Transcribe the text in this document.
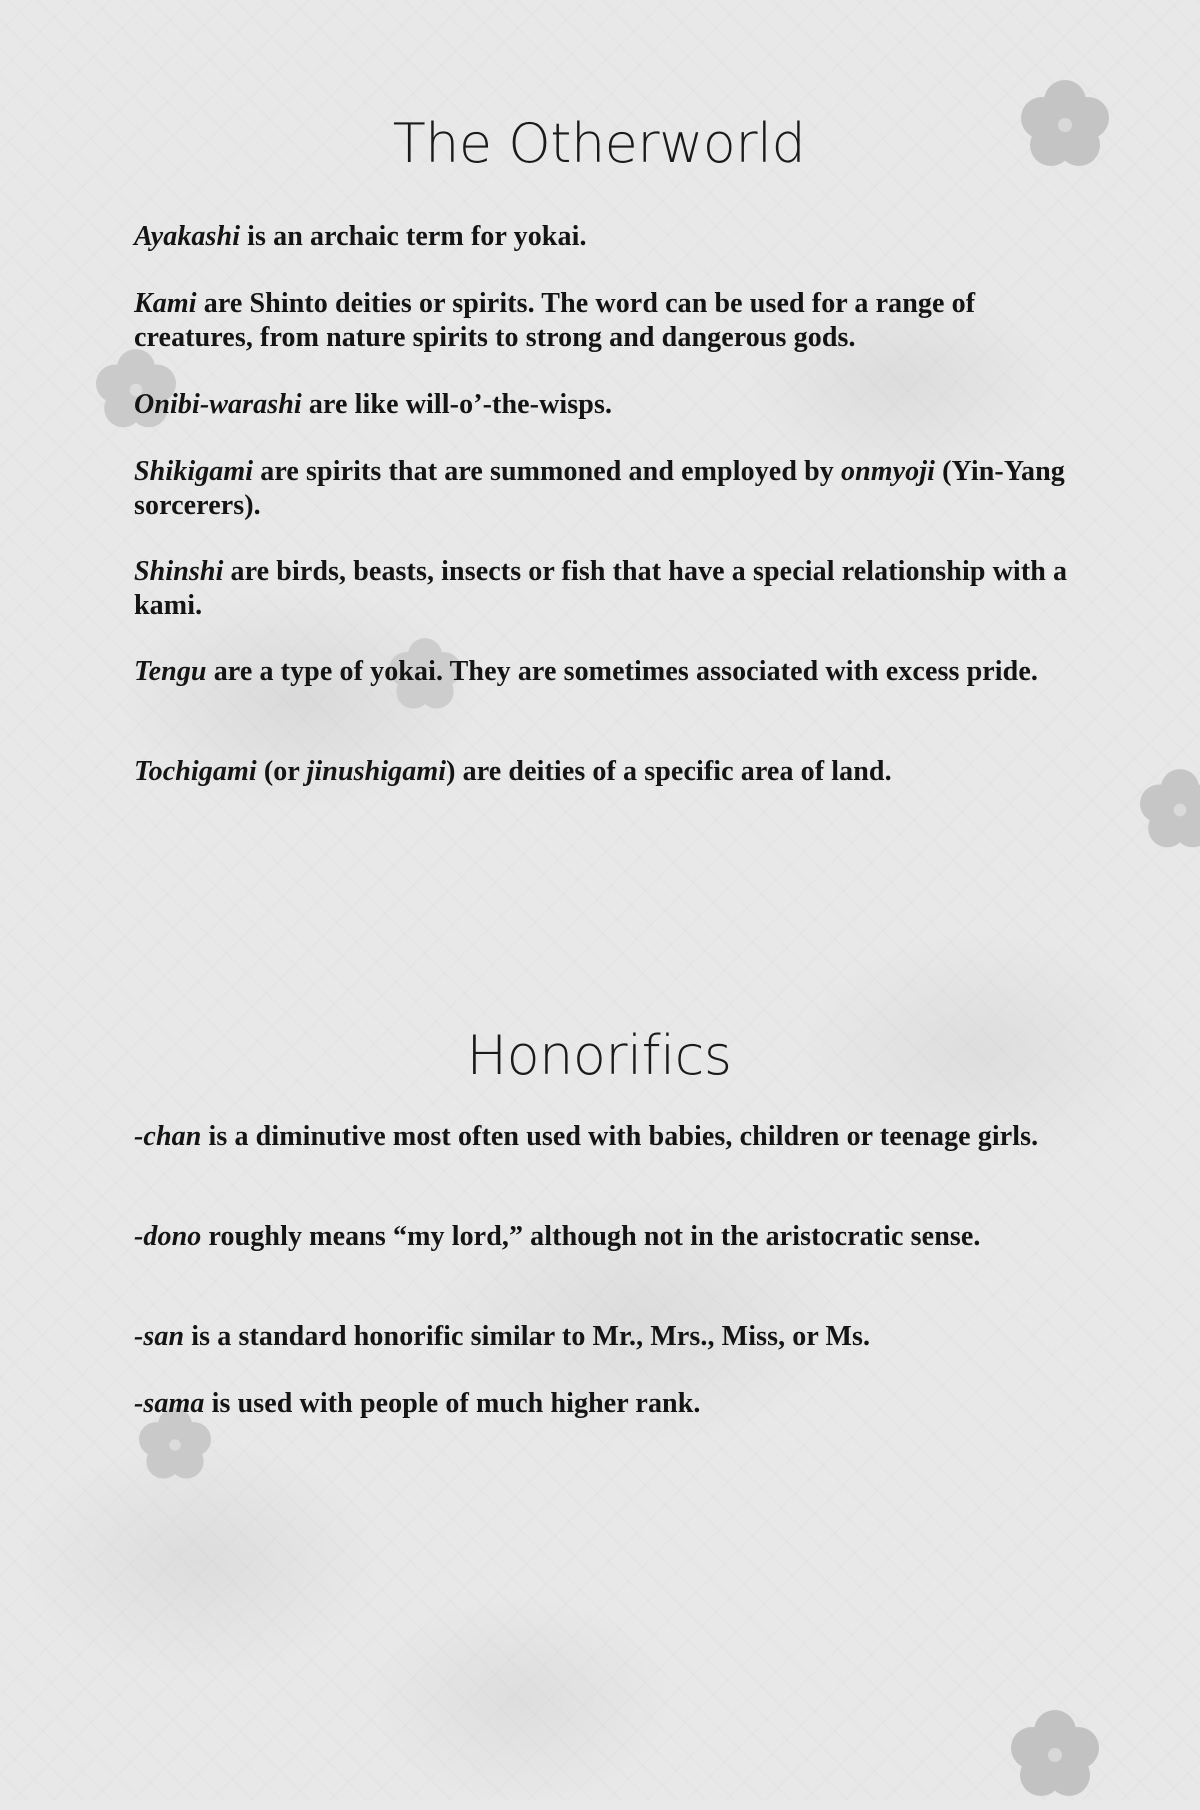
The Otherworld

Ayakashi is an archaic term for yokai.

Kami are Shinto deities or spirits. The word can be used for a range of creatures, from nature spirits to strong and dangerous gods.

Onibi-warashi are like will-o’-the-wisps.

Shikigami are spirits that are summoned and employed by onmyoji (Yin-Yang sorcerers).

Shinshi are birds, beasts, insects or fish that have a special relationship with a kami.

Tengu are a type of yokai. They are sometimes associated with excess pride.

Tochigami (or jinushigami) are deities of a specific area of land.

Honorifics

-chan is a diminutive most often used with babies, children or teenage girls.

-dono roughly means “my lord,” although not in the aristocratic sense.

-san is a standard honorific similar to Mr., Mrs., Miss, or Ms.

-sama is used with people of much higher rank.
